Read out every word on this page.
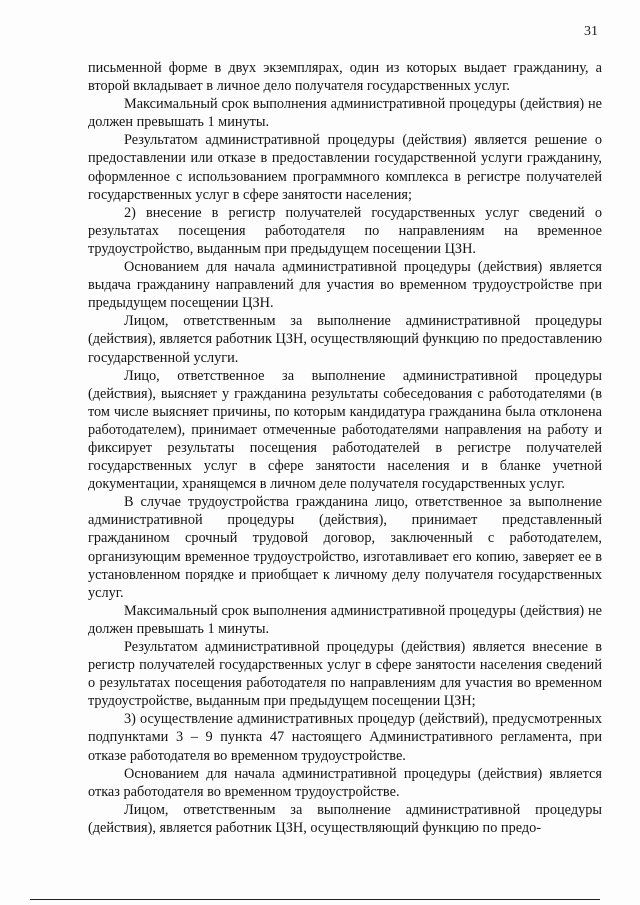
31

письменной форме в двух экземплярах, один из которых выдает гражданину, а второй вкладывает в личное дело получателя государственных услуг.

Максимальный срок выполнения административной процедуры (действия) не должен превышать 1 минуты.

Результатом административной процедуры (действия) является решение о предоставлении или отказе в предоставлении государственной услуги гражданину, оформленное с использованием программного комплекса в регистре получателей государственных услуг в сфере занятости населения;

2) внесение в регистр получателей государственных услуг сведений о результатах посещения работодателя по направлениям на временное трудоустройство, выданным при предыдущем посещении ЦЗН.

Основанием для начала административной процедуры (действия) является выдача гражданину направлений для участия во временном трудоустройстве при предыдущем посещении ЦЗН.

Лицом, ответственным за выполнение административной процедуры (действия), является работник ЦЗН, осуществляющий функцию по предоставлению государственной услуги.

Лицо, ответственное за выполнение административной процедуры (действия), выясняет у гражданина результаты собеседования с работодателями (в том числе выясняет причины, по которым кандидатура гражданина была отклонена работодателем), принимает отмеченные работодателями направления на работу и фиксирует результаты посещения работодателей в регистре получателей государственных услуг в сфере занятости населения и в бланке учетной документации, хранящемся в личном деле получателя государственных услуг.

В случае трудоустройства гражданина лицо, ответственное за выполнение административной процедуры (действия), принимает представленный гражданином срочный трудовой договор, заключенный с работодателем, организующим временное трудоустройство, изготавливает его копию, заверяет ее в установленном порядке и приобщает к личному делу получателя государственных услуг.

Максимальный срок выполнения административной процедуры (действия) не должен превышать 1 минуты.

Результатом административной процедуры (действия) является внесение в регистр получателей государственных услуг в сфере занятости населения сведений о результатах посещения работодателя по направлениям для участия во временном трудоустройстве, выданным при предыдущем посещении ЦЗН;

3) осуществление административных процедур (действий), предусмотренных подпунктами 3 – 9 пункта 47 настоящего Административного регламента, при отказе работодателя во временном трудоустройстве.

Основанием для начала административной процедуры (действия) является отказ работодателя во временном трудоустройстве.

Лицом, ответственным за выполнение административной процедуры (действия), является работник ЦЗН, осуществляющий функцию по предо-
